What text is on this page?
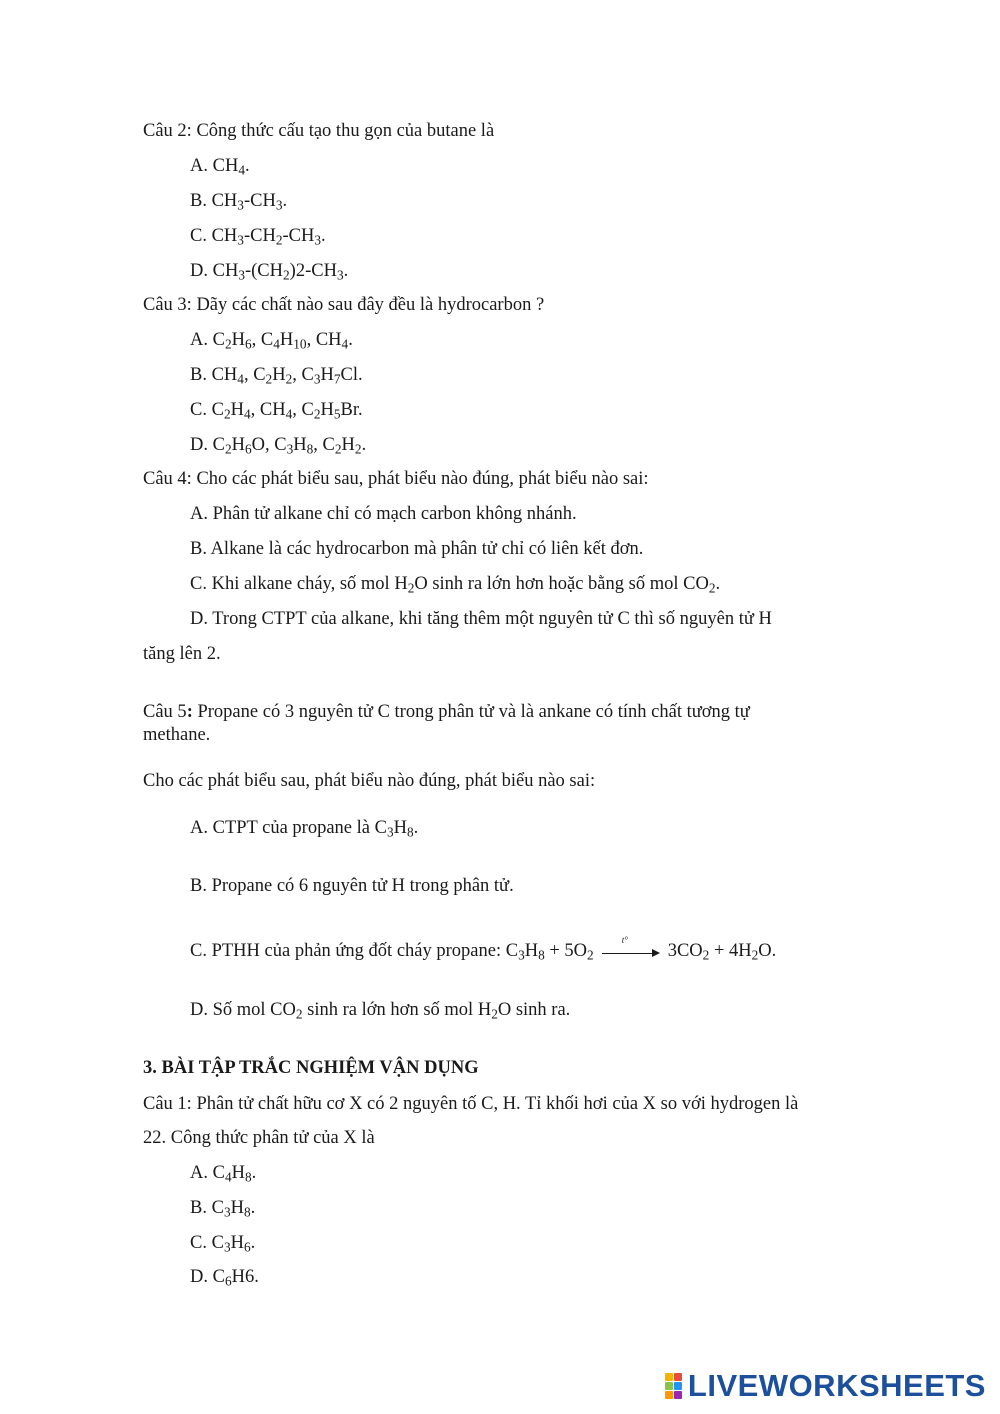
Câu 2: Công thức cấu tạo thu gọn của butane là
A. $CH_4$.
B. $CH_3-CH_3$.
C. $CH_3-CH_2-CH_3$.
D. $CH_3-(CH_2)2-CH_3$.
Câu 3: Dãy các chất nào sau đây đều là hydrocarbon ?
A. $C_2H_6$, $C_4H_{10}$, $CH_4$.
B. $CH_4$, $C_2H_2$, $C_3H_7Cl$.
C. $C_2H_4$, $CH_4$, $C_2H_5Br$.
D. $C_2H_6O$, $C_3H_8$, $C_2H_2$.
Câu 4: Cho các phát biểu sau, phát biểu nào đúng, phát biểu nào sai:
A. Phân tử alkane chỉ có mạch carbon không nhánh.
B. Alkane là các hydrocarbon mà phân tử chỉ có liên kết đơn.
C. Khi alkane cháy, số mol $H_2O$ sinh ra lớn hơn hoặc bằng số mol $CO_2$.
D. Trong CTPT của alkane, khi tăng thêm một nguyên tử C thì số nguyên tử H
tăng lên 2.
Câu 5: Propane có 3 nguyên tử C trong phân tử và là ankane có tính chất tương tự
methane.
Cho các phát biểu sau, phát biểu nào đúng, phát biểu nào sai:
A. CTPT của propane là $C_3H_8$.
B. Propane có 6 nguyên tử H trong phân tử.
C. PTHH của phản ứng đốt cháy propane: $C_3H_8 + 5O_2$
t°
$3CO_2 + 4H_2O$.
D. Số mol $CO_2$ sinh ra lớn hơn số mol $H_2O$ sinh ra.
3. BÀI TẬP TRẮC NGHIỆM VẬN DỤNG
Câu 1: Phân tử chất hữu cơ X có 2 nguyên tố C, H. Tỉ khối hơi của X so với hydrogen là
22. Công thức phân tử của X là
A. $C_4H_8$.
B. $C_3H_8$.
C. $C_3H_6$.
D. $C_6H6$.
LIVEWORKSHEETS
